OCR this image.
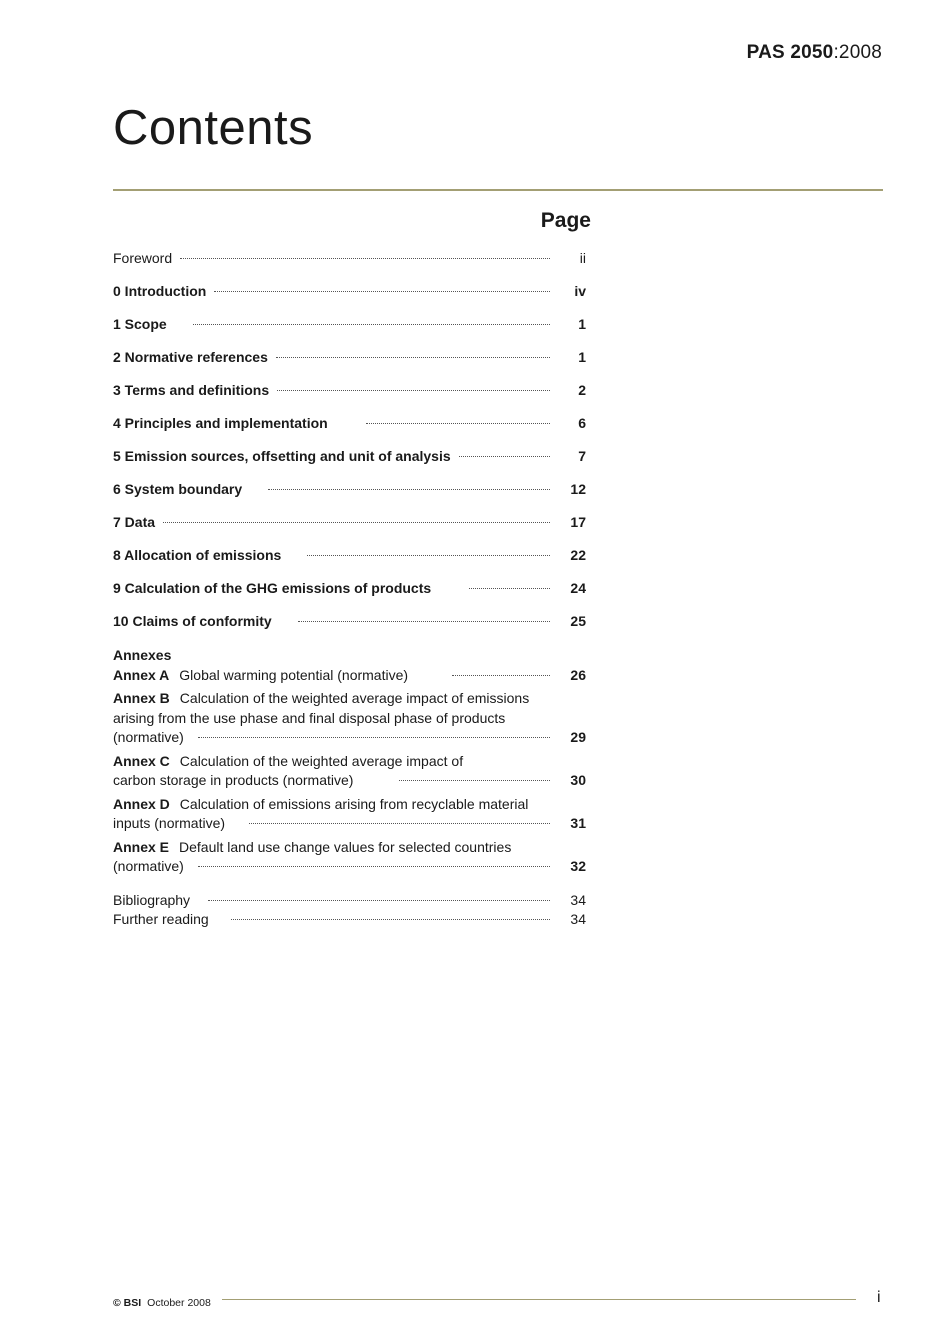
PAS 2050:2008
Contents
Page
Foreword	ii
0 Introduction	iv
1 Scope	1
2 Normative references	1
3 Terms and definitions	2
4 Principles and implementation	6
5 Emission sources, offsetting and unit of analysis	7
6 System boundary	12
7 Data	17
8 Allocation of emissions	22
9 Calculation of the GHG emissions of products	24
10 Claims of conformity	25
Annexes
Annex A Global warming potential (normative)	26
Annex B Calculation of the weighted average impact of emissions
arising from the use phase and final disposal phase of products
(normative)	29
Annex C Calculation of the weighted average impact of
carbon storage in products (normative)	30
Annex D Calculation of emissions arising from recyclable material
inputs (normative)	31
Annex E Default land use change values for selected countries
(normative)	32
Bibliography	34
Further reading	34
© BSI October 2008	i
